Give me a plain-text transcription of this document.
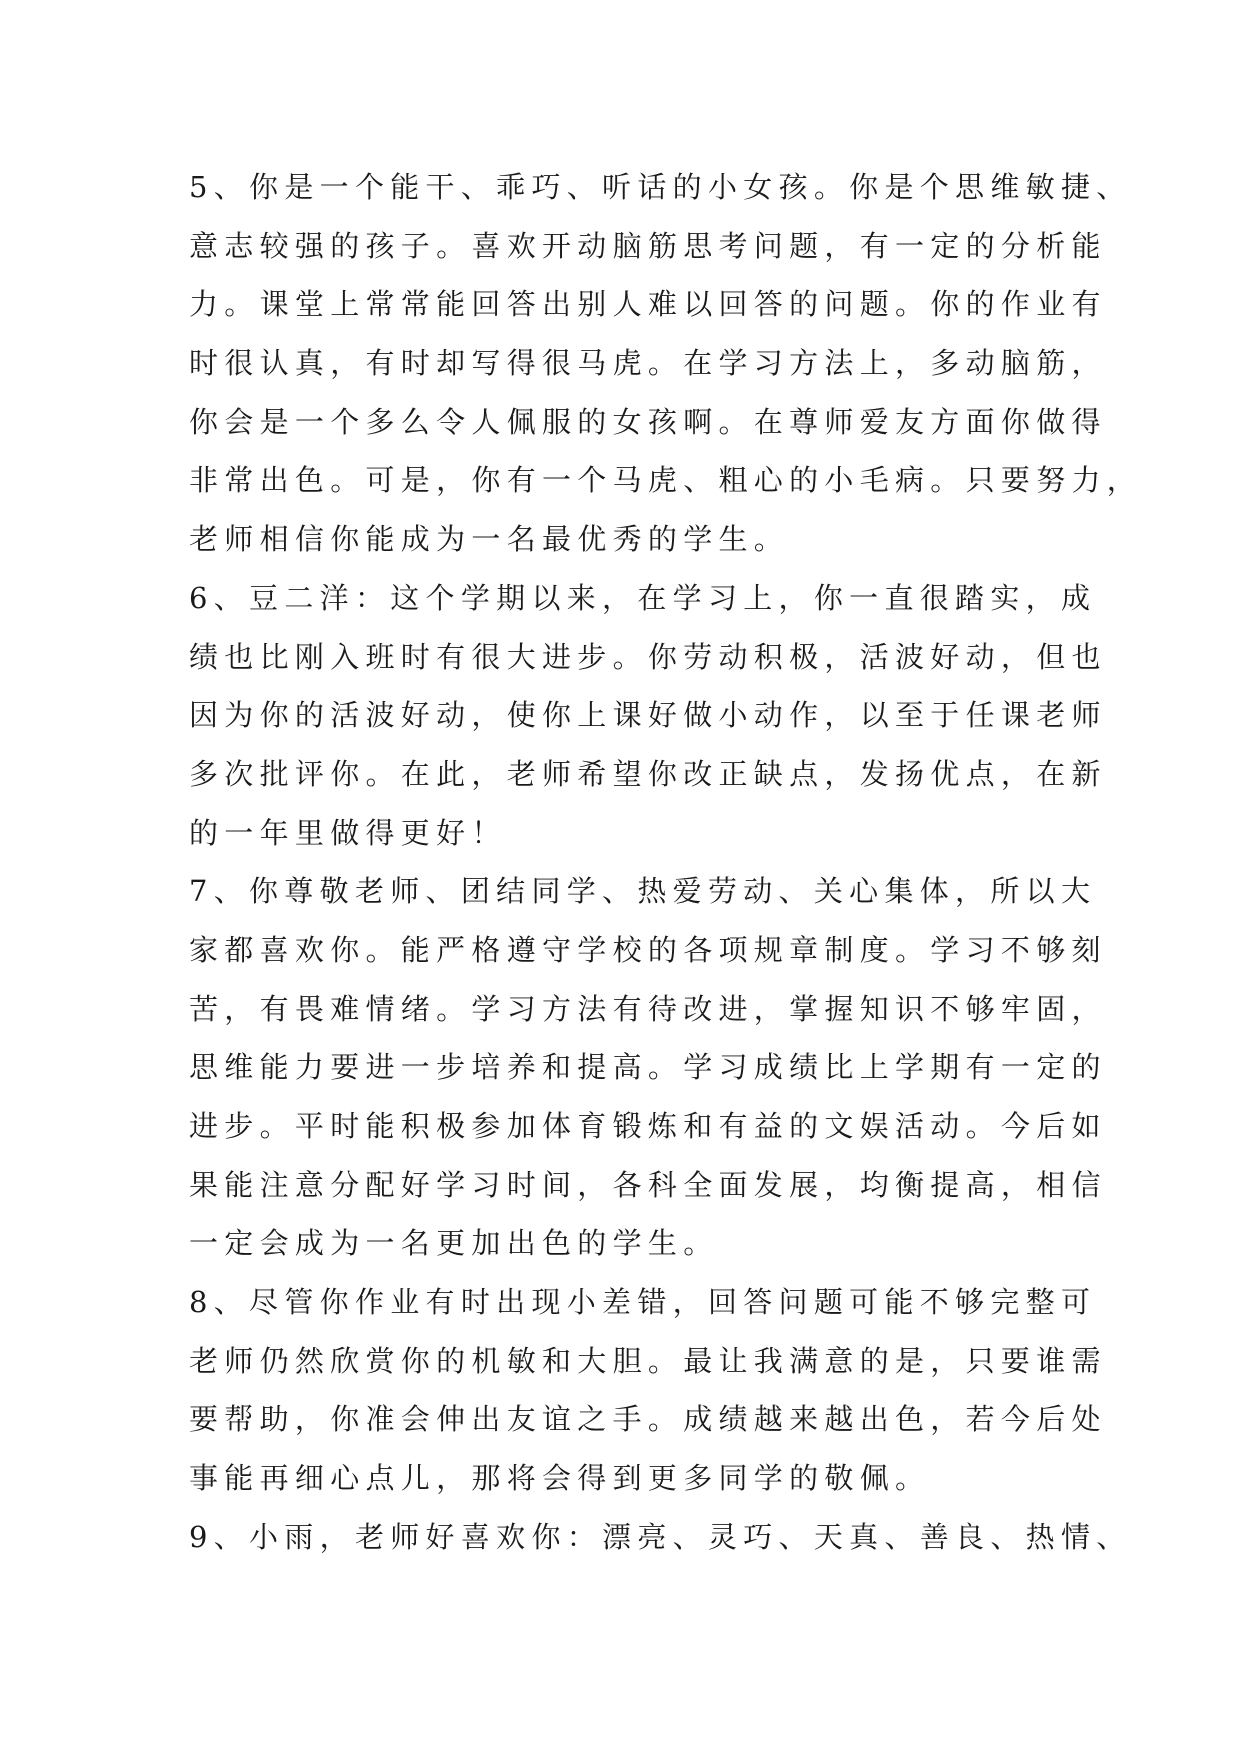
5、你是一个能干、乖巧、听话的小女孩。你是个思维敏捷、
意志较强的孩子。喜欢开动脑筋思考问题，有一定的分析能
力。课堂上常常能回答出别人难以回答的问题。你的作业有
时很认真，有时却写得很马虎。在学习方法上，多动脑筋，
你会是一个多么令人佩服的女孩啊。在尊师爱友方面你做得
非常出色。可是，你有一个马虎、粗心的小毛病。只要努力，
老师相信你能成为一名最优秀的学生。
6、豆二洋：这个学期以来，在学习上，你一直很踏实，成
绩也比刚入班时有很大进步。你劳动积极，活波好动，但也
因为你的活波好动，使你上课好做小动作，以至于任课老师
多次批评你。在此，老师希望你改正缺点，发扬优点，在新
的一年里做得更好！
7、你尊敬老师、团结同学、热爱劳动、关心集体，所以大
家都喜欢你。能严格遵守学校的各项规章制度。学习不够刻
苦，有畏难情绪。学习方法有待改进，掌握知识不够牢固，
思维能力要进一步培养和提高。学习成绩比上学期有一定的
进步。平时能积极参加体育锻炼和有益的文娱活动。今后如
果能注意分配好学习时间，各科全面发展，均衡提高，相信
一定会成为一名更加出色的学生。
8、尽管你作业有时出现小差错，回答问题可能不够完整可
老师仍然欣赏你的机敏和大胆。最让我满意的是，只要谁需
要帮助，你准会伸出友谊之手。成绩越来越出色，若今后处
事能再细心点儿，那将会得到更多同学的敬佩。
9、小雨，老师好喜欢你：漂亮、灵巧、天真、善良、热情、
